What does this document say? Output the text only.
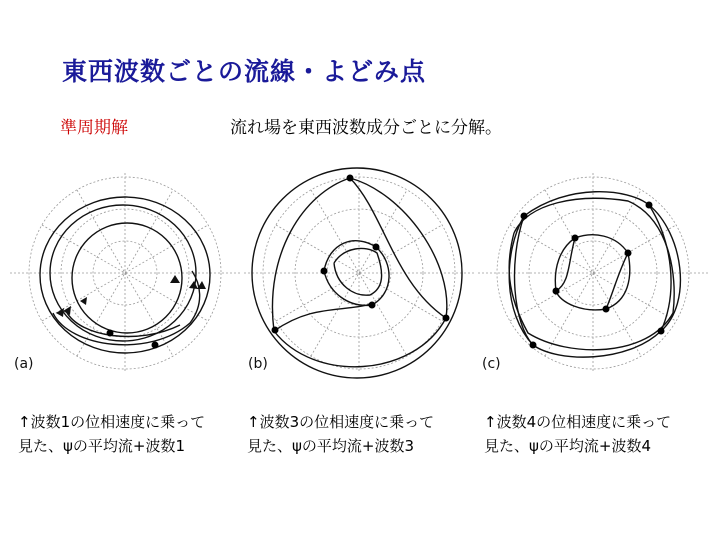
東西波数ごとの流線・よどみ点
準周期解	流れ場を東西波数成分ごとに分解。
(a)	(b)	(c)
↑波数1の位相速度に乗って
見た、ψの平均流+波数1
↑波数3の位相速度に乗って
見た、ψの平均流+波数3
↑波数4の位相速度に乗って
見た、ψの平均流+波数4
